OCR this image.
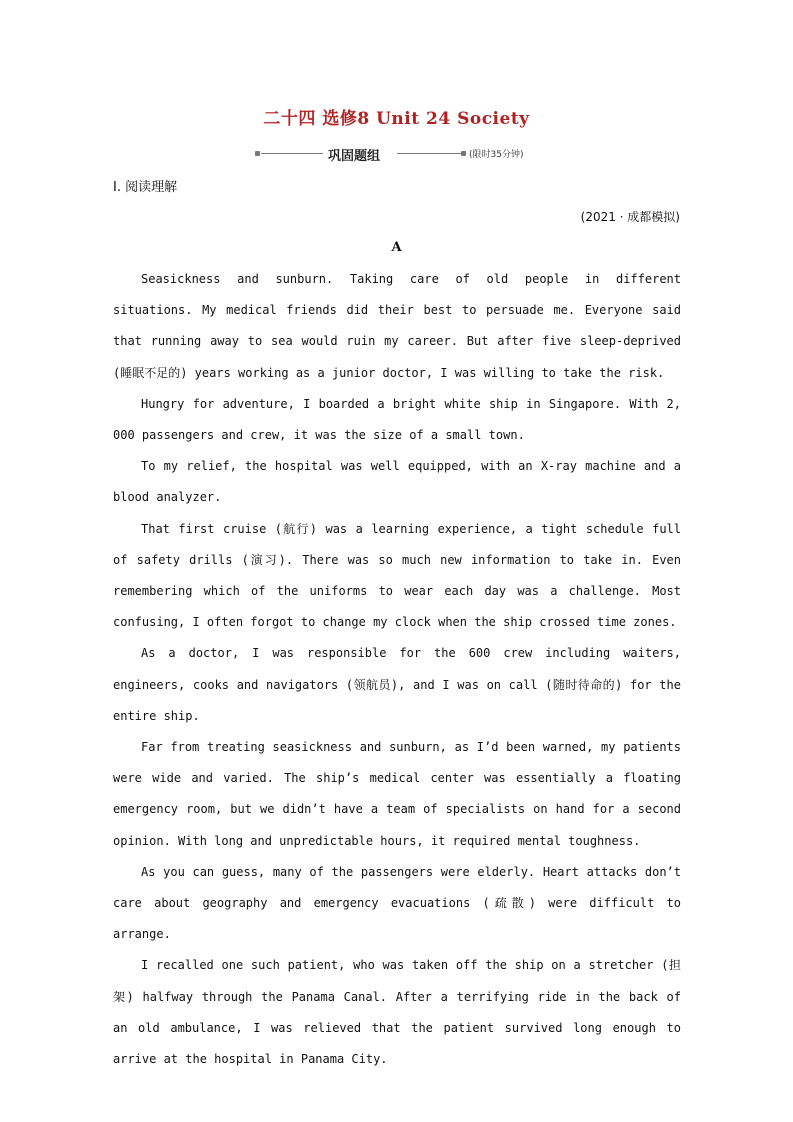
二十四 选修8 Unit 24 Society
巩固题组	(限时35分钟)
Ⅰ. 阅读理解
(2021 · 成都模拟)
A

Seasickness and sunburn. Taking care of old people in different situations. My medical friends did their best to persuade me. Everyone said that running away to sea would ruin my career. But after five sleep-deprived (睡眠不足的) years working as a junior doctor, I was willing to take the risk.

Hungry for adventure, I boarded a bright white ship in Singapore. With 2, 000 passengers and crew, it was the size of a small town.

To my relief, the hospital was well equipped, with an X-ray machine and a blood analyzer.

That first cruise (航行) was a learning experience, a tight schedule full of safety drills (演习). There was so much new information to take in. Even remembering which of the uniforms to wear each day was a challenge. Most confusing, I often forgot to change my clock when the ship crossed time zones.

As a doctor, I was responsible for the 600 crew including waiters, engineers, cooks and navigators (领航员), and I was on call (随时待命的) for the entire ship.

Far from treating seasickness and sunburn, as I’d been warned, my patients were wide and varied. The ship’s medical center was essentially a floating emergency room, but we didn’t have a team of specialists on hand for a second opinion. With long and unpredictable hours, it required mental toughness.

As you can guess, many of the passengers were elderly. Heart attacks don’t care about geography and emergency evacuations (疏散) were difficult to arrange.

I recalled one such patient, who was taken off the ship on a stretcher (担架) halfway through the Panama Canal. After a terrifying ride in the back of an old ambulance, I was relieved that the patient survived long enough to arrive at the hospital in Panama City.
